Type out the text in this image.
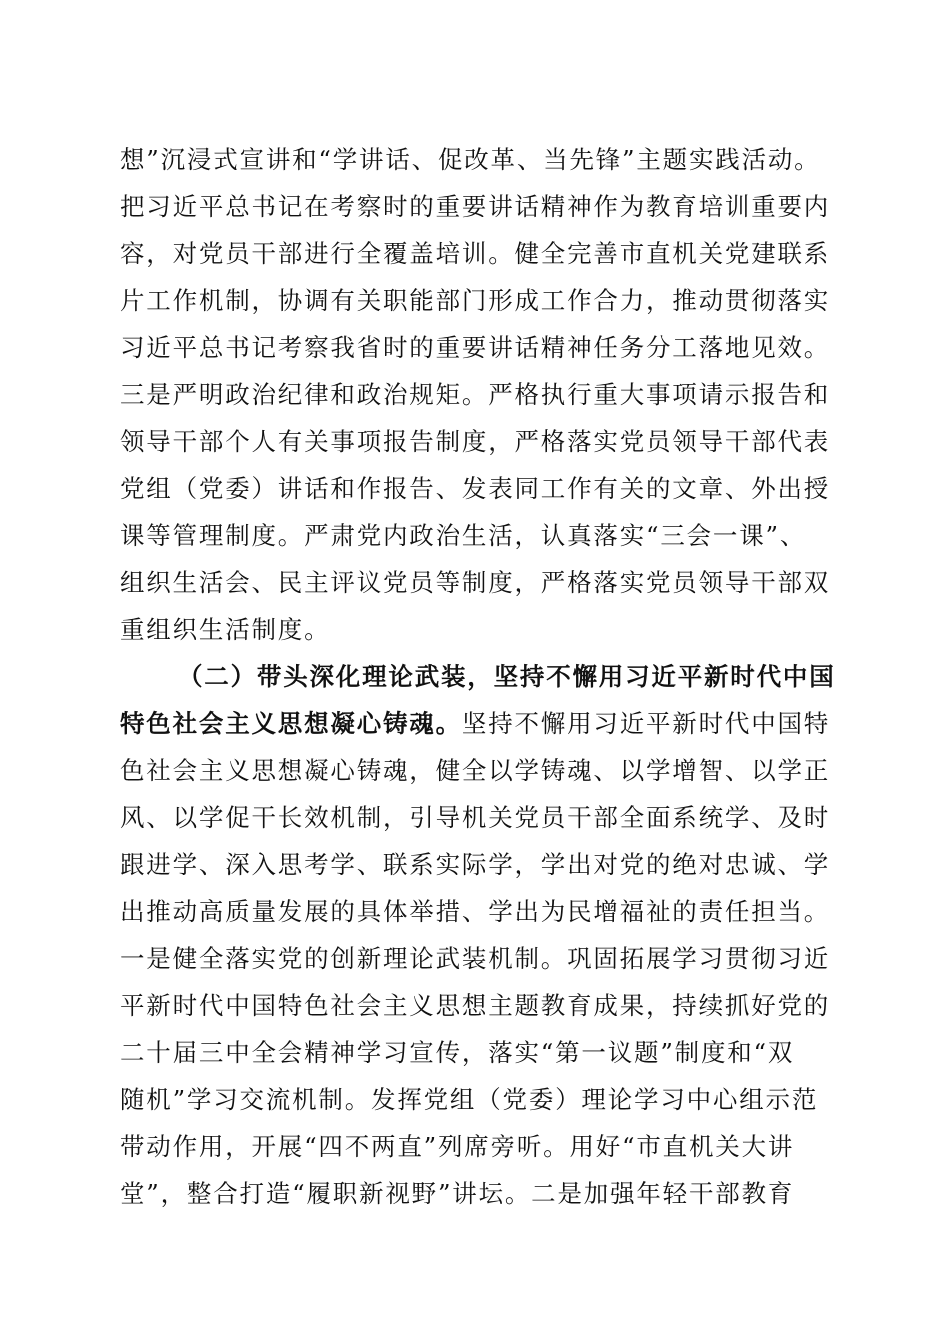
想”沉浸式宣讲和“学讲话、促改革、当先锋”主题实践活动。
把习近平总书记在考察时的重要讲话精神作为教育培训重要内
容，对党员干部进行全覆盖培训。健全完善市直机关党建联系
片工作机制，协调有关职能部门形成工作合力，推动贯彻落实
习近平总书记考察我省时的重要讲话精神任务分工落地见效。
三是严明政治纪律和政治规矩。严格执行重大事项请示报告和
领导干部个人有关事项报告制度，严格落实党员领导干部代表
党组（党委）讲话和作报告、发表同工作有关的文章、外出授
课等管理制度。严肃党内政治生活，认真落实“三会一课”、
组织生活会、民主评议党员等制度，严格落实党员领导干部双
重组织生活制度。
（二）带头深化理论武装，坚持不懈用习近平新时代中国
特色社会主义思想凝心铸魂。坚持不懈用习近平新时代中国特
色社会主义思想凝心铸魂，健全以学铸魂、以学增智、以学正
风、以学促干长效机制，引导机关党员干部全面系统学、及时
跟进学、深入思考学、联系实际学，学出对党的绝对忠诚、学
出推动高质量发展的具体举措、学出为民增福祉的责任担当。
一是健全落实党的创新理论武装机制。巩固拓展学习贯彻习近
平新时代中国特色社会主义思想主题教育成果，持续抓好党的
二十届三中全会精神学习宣传，落实“第一议题”制度和“双
随机”学习交流机制。发挥党组（党委）理论学习中心组示范
带动作用，开展“四不两直”列席旁听。用好“市直机关大讲
堂”，整合打造“履职新视野”讲坛。二是加强年轻干部教育
